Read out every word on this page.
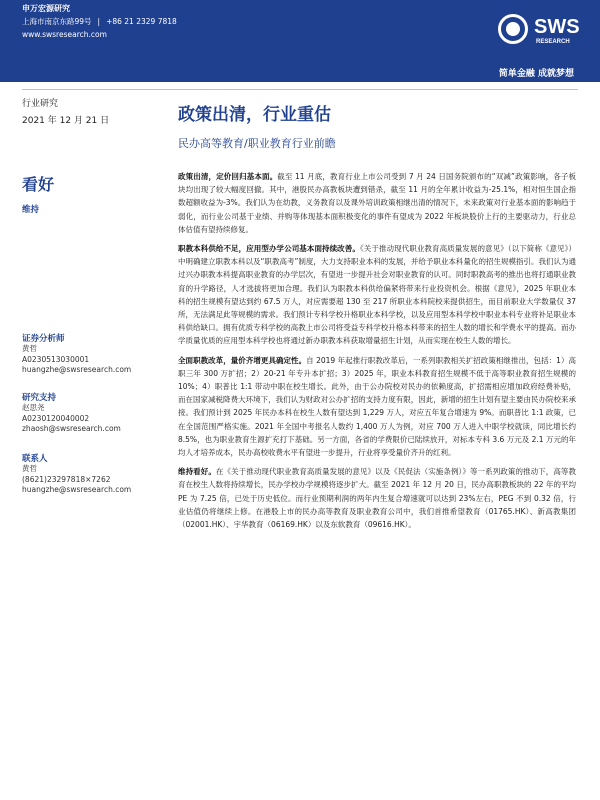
申万宏源研究
上海市南京东路99号 | +86 21 2329 7818
www.swsresearch.com	SWS
RESEARCH
简单金融 成就梦想
行业研究
2021 年 12 月 21 日
看好
维持
证券分析师
黄哲
A0230513030001
huangzhe@swsresearch.com
研究支持
赵思尧
A0230120040002
zhaosh@swsresearch.com
联系人
黄哲
(8621)23297818×7262
huangzhe@swsresearch.com
政策出清，行业重估
民办高等教育/职业教育行业前瞻

政策出清，定价回归基本面。截至 11 月底，教育行业上市公司受到 7 月 24 日国务院颁布的“双减”政策影响，各子板块均出现了较大幅度回撤。其中，港股民办高教板块遭到错杀，截至 11 月的全年累计收益为-25.1%，相对恒生国企指数超额收益为-3%。我们认为在幼教，义务教育以及课外培训政策相继出清的情况下，未来政策对行业基本面的影响趋于弱化，而行业公司基于业绩、并购等体现基本面积极变化的事件有望成为 2022 年板块股价上行的主要驱动力，行业总体估值有望持续修复。

职教本科供给不足，应用型办学公司基本面持续改善。《关于推动现代职业教育高质量发展的意见》（以下简称《意见》）中明确建立职教本科以及“职教高考”制度，大力支持职业本科的发展，并给予职业本科量化的招生规模指引。我们认为通过兴办职教本科提高职业教育的办学层次，有望进一步提升社会对职业教育的认可。同时职教高考的推出也将打通职业教育的升学路径，人才选拔将更加合理。我们认为职教本科供给偏紧将带来行业投资机会。根据《意见》，2025 年职业本科的招生规模有望达到约 67.5 万人，对应需要超 130 至 217 所职业本科院校来提供招生，而目前职业大学数量仅 37 所，无法满足此等规模的需求。我们预计专科学校升格职业本科学校，以及应用型本科学校中职业本科专业将补足职业本科供给缺口。拥有优质专科学校的高教上市公司将受益专科学校升格本科带来的招生人数的增长和学费水平的提高。而办学质量优质的应用型本科学校也将通过新办职教本科获取增量招生计划，从而实现在校生人数的增长。

全面职教改革，量价齐增更具确定性。自 2019 年起推行职教改革后，一系列职教相关扩招政策相继推出，包括：1）高职三年 300 万扩招；2）20-21 年专升本扩招；3）2025 年，职业本科教育招生规模不低于高等职业教育招生规模的 10%；4）职普比 1:1 带动中职在校生增长。此外，由于公办院校对民办的依赖度高，扩招需相应增加政府经费补贴，而在国家减税降费大环境下，我们认为财政对公办扩招的支持力度有限，因此，新增的招生计划有望主要由民办院校来承接。我们预计到 2025 年民办本科在校生人数有望达到 1,229 万人，对应五年复合增速为 9%。而职普比 1:1 政策，已在全国范围严格实施。2021 年全国中考报名人数约 1,400 万人为例，对应 700 万人进入中职学校就读，同比增长约 8.5%，也为职业教育生源扩充打下基础。另一方面，各省的学费限价已陆续放开，对标本专科 3.6 万元及 2.1 万元的年均人才培养成本，民办高校收费水平有望进一步提升，行业将享受量价齐升的红利。

维持看好。在《关于推动现代职业教育高质量发展的意见》以及《民促法（实施条例）》等一系列政策的推动下，高等教育在校生人数将持续增长，民办学校办学规模将逐步扩大。截至 2021 年 12 月 20 日，民办高职教板块的 22 年的平均 PE 为 7.25 倍，已处于历史低位。而行业预期利润的两年内生复合增速就可以达到 23%左右，PEG 不到 0.32 倍，行业估值仍将继续上修。在港股上市的民办高等教育及职业教育公司中，我们首推希望教育（01765.HK）、新高教集团（02001.HK）、宇华教育（06169.HK）以及东软教育（09616.HK）。
